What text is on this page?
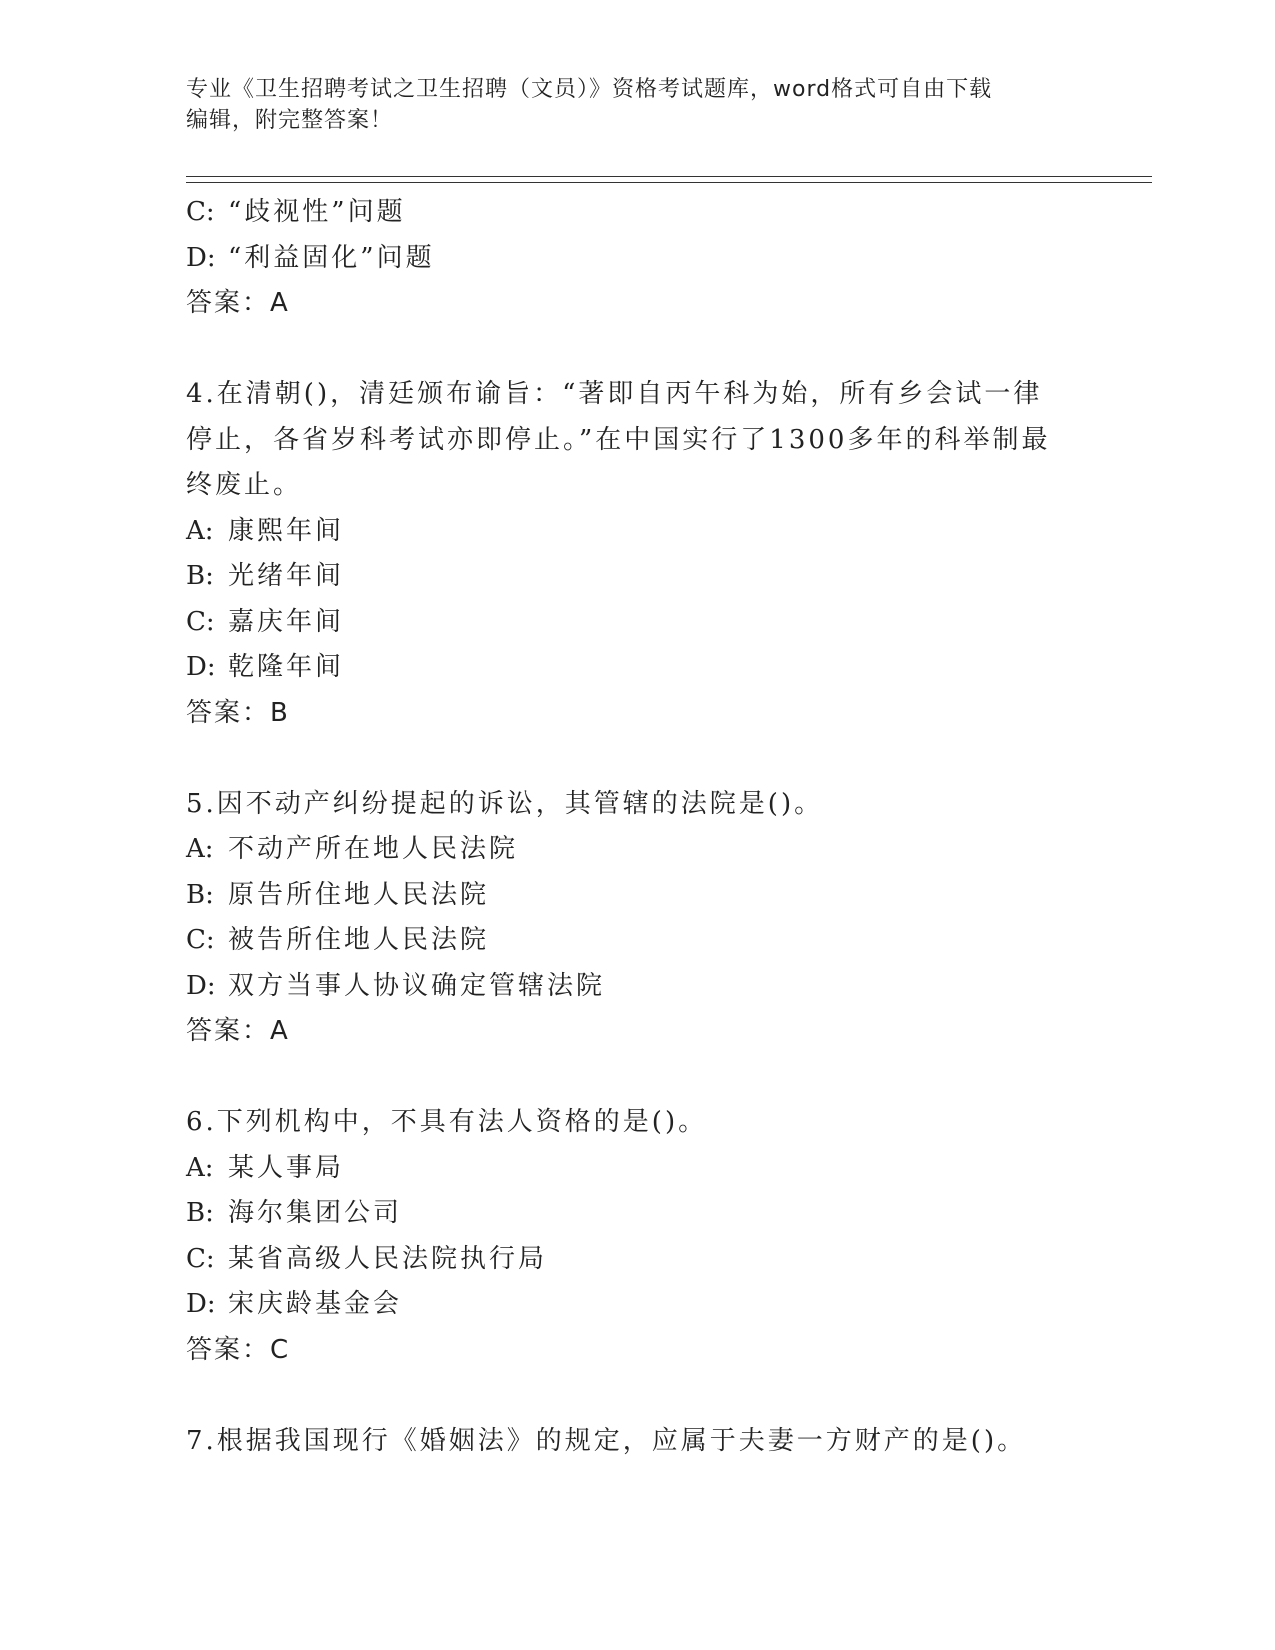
专业《卫生招聘考试之卫生招聘（文员）》资格考试题库，word格式可自由下载
编辑，附完整答案！

C: “歧视性”问题

D: “利益固化”问题

答案：A

4.在清朝()，清廷颁布谕旨：“著即自丙午科为始，所有乡会试一律

停止，各省岁科考试亦即停止。”在中国实行了1300多年的科举制最

终废止。

A: 康熙年间

B: 光绪年间

C: 嘉庆年间

D: 乾隆年间

答案：B

5.因不动产纠纷提起的诉讼，其管辖的法院是()。

A: 不动产所在地人民法院

B: 原告所住地人民法院

C: 被告所住地人民法院

D: 双方当事人协议确定管辖法院

答案：A

6.下列机构中，不具有法人资格的是()。

A: 某人事局

B: 海尔集团公司

C: 某省高级人民法院执行局

D: 宋庆龄基金会

答案：C

7.根据我国现行《婚姻法》的规定，应属于夫妻一方财产的是()。
